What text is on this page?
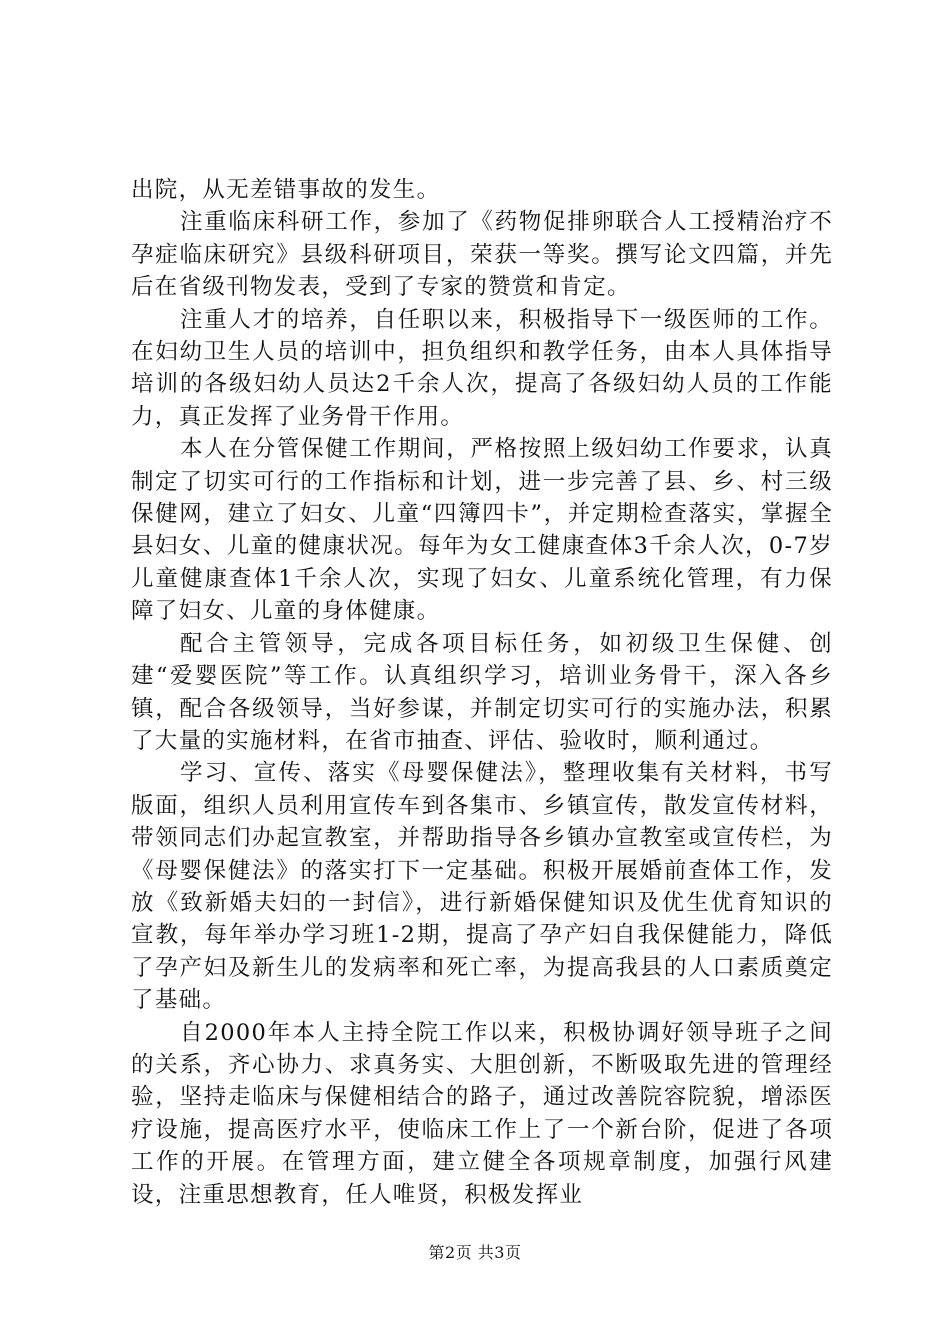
出院，从无差错事故的发生。

注重临床科研工作，参加了《药物促排卵联合人工授精治疗不孕症临床研究》县级科研项目，荣获一等奖。撰写论文四篇，并先后在省级刊物发表，受到了专家的赞赏和肯定。

注重人才的培养，自任职以来，积极指导下一级医师的工作。在妇幼卫生人员的培训中，担负组织和教学任务，由本人具体指导培训的各级妇幼人员达2千余人次，提高了各级妇幼人员的工作能力，真正发挥了业务骨干作用。

本人在分管保健工作期间，严格按照上级妇幼工作要求，认真制定了切实可行的工作指标和计划，进一步完善了县、乡、村三级保健网，建立了妇女、儿童“四簿四卡”，并定期检查落实，掌握全县妇女、儿童的健康状况。每年为女工健康查体3千余人次，0-7岁儿童健康查体1千余人次，实现了妇女、儿童系统化管理，有力保障了妇女、儿童的身体健康。

配合主管领导，完成各项目标任务，如初级卫生保健、创建“爱婴医院”等工作。认真组织学习，培训业务骨干，深入各乡镇，配合各级领导，当好参谋，并制定切实可行的实施办法，积累了大量的实施材料，在省市抽查、评估、验收时，顺利通过。

学习、宣传、落实《母婴保健法》，整理收集有关材料，书写版面，组织人员利用宣传车到各集市、乡镇宣传，散发宣传材料，带领同志们办起宣教室，并帮助指导各乡镇办宣教室或宣传栏，为《母婴保健法》的落实打下一定基础。积极开展婚前查体工作，发放《致新婚夫妇的一封信》，进行新婚保健知识及优生优育知识的宣教，每年举办学习班1-2期，提高了孕产妇自我保健能力，降低了孕产妇及新生儿的发病率和死亡率，为提高我县的人口素质奠定了基础。

自2000年本人主持全院工作以来，积极协调好领导班子之间的关系，齐心协力、求真务实、大胆创新，不断吸取先进的管理经验，坚持走临床与保健相结合的路子，通过改善院容院貌，增添医疗设施，提高医疗水平，使临床工作上了一个新台阶，促进了各项工作的开展。在管理方面，建立健全各项规章制度，加强行风建设，注重思想教育，任人唯贤，积极发挥业

第2页 共3页
